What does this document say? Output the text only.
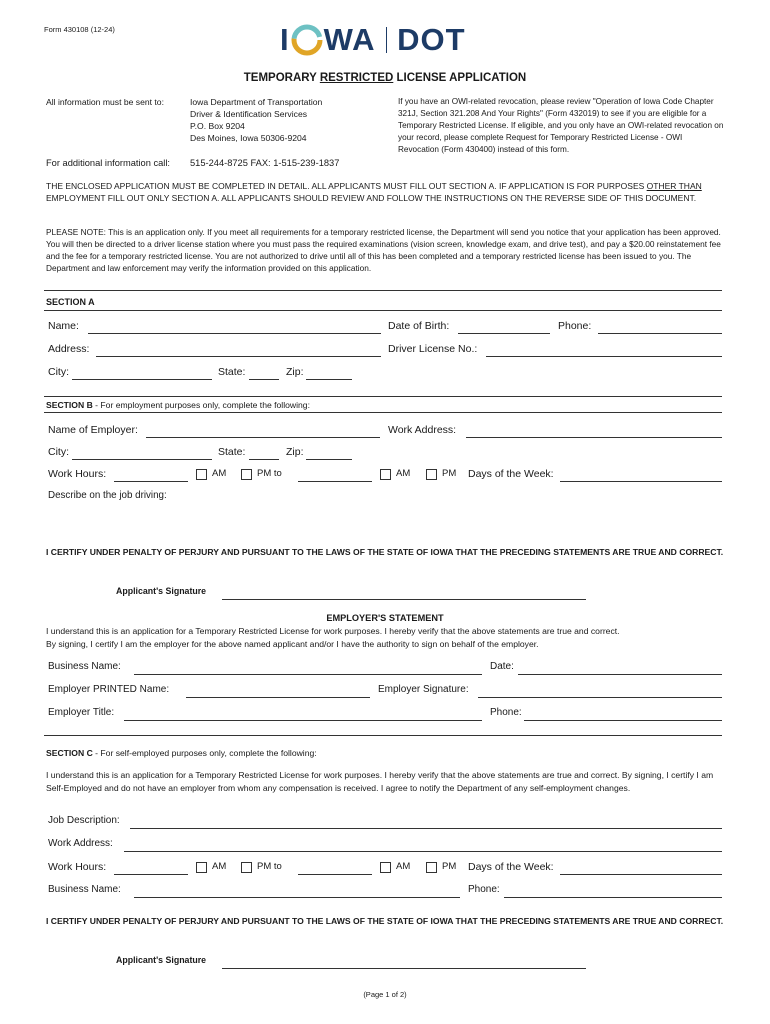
Form 430108 (12-24)	I WA DOT
TEMPORARY RESTRICTED LICENSE APPLICATION
All information must be sent to:	Iowa Department of Transportation
Driver & Identification Services
P.O. Box 9204
Des Moines, Iowa 50306-9204
For additional information call: 515-244-8725 FAX: 1-515-239-1837
If you have an OWI-related revocation, please review "Operation of Iowa Code Chapter 321J, Section 321.208 And Your Rights" (Form 432019) to see if you are eligible for a Temporary Restricted License. If eligible, and you only have an OWI-related revocation on your record, please complete Request for Temporary Restricted License - OWI Revocation (Form 430400) instead of this form.
THE ENCLOSED APPLICATION MUST BE COMPLETED IN DETAIL. ALL APPLICANTS MUST FILL OUT SECTION A. IF APPLICATION IS FOR PURPOSES OTHER THAN EMPLOYMENT FILL OUT ONLY SECTION A. ALL APPLICANTS SHOULD REVIEW AND FOLLOW THE INSTRUCTIONS ON THE REVERSE SIDE OF THIS DOCUMENT.
PLEASE NOTE: This is an application only. If you meet all requirements for a temporary restricted license, the Department will send you notice that your application has been approved. You will then be directed to a driver license station where you must pass the required examinations (vision screen, knowledge exam, and drive test), and pay a $20.00 reinstatement fee and the fee for a temporary restricted license. You are not authorized to drive until all of this has been completed and a temporary restricted license has been issued to you. The Department and law enforcement may verify the information provided on this application.
SECTION A
Name:	Date of Birth:	Phone:
Address:	Driver License No.:
City:	State:	Zip:
SECTION B - For employment purposes only, complete the following:
Name of Employer:	Work Address:
City:	State:	Zip:
Work Hours:	AM	PM to	AM	PM Days of the Week:
Describe on the job driving:
I CERTIFY UNDER PENALTY OF PERJURY AND PURSUANT TO THE LAWS OF THE STATE OF IOWA THAT THE PRECEDING STATEMENTS ARE TRUE AND CORRECT.
Applicant's Signature
EMPLOYER'S STATEMENT
I understand this is an application for a Temporary Restricted License for work purposes. I hereby verify that the above statements are true and correct.
By signing, I certify I am the employer for the above named applicant and/or I have the authority to sign on behalf of the employer.
Business Name:	Date:
Employer PRINTED Name:	Employer Signature:
Employer Title:	Phone:
SECTION C - For self-employed purposes only, complete the following:
I understand this is an application for a Temporary Restricted License for work purposes. I hereby verify that the above statements are true and correct. By signing, I certify I am Self-Employed and do not have an employer from whom any compensation is received. I agree to notify the Department of any self-employment changes.
Job Description:
Work Address:
Work Hours:	AM	PM to	AM	PM Days of the Week:
Business Name:	Phone:
I CERTIFY UNDER PENALTY OF PERJURY AND PURSUANT TO THE LAWS OF THE STATE OF IOWA THAT THE PRECEDING STATEMENTS ARE TRUE AND CORRECT.
Applicant's Signature
(Page 1 of 2)
